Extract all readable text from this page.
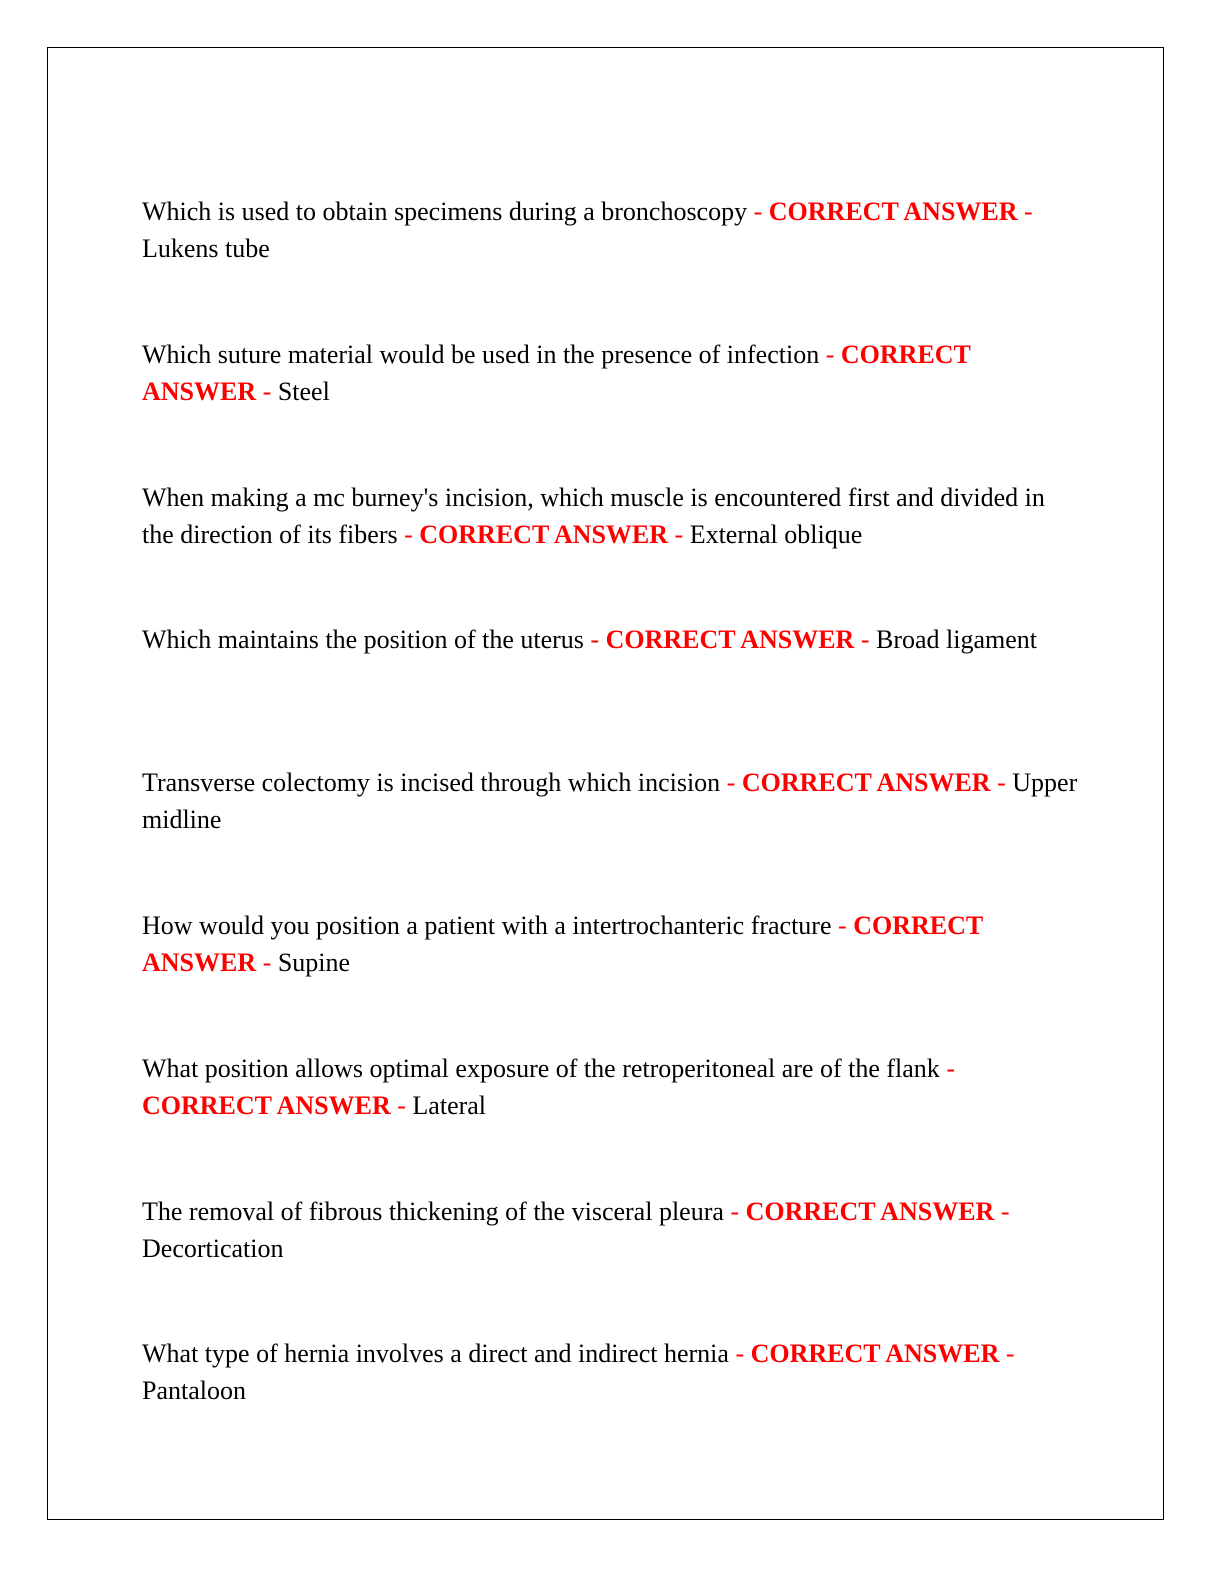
Which is used to obtain specimens during a bronchoscopy - CORRECT ANSWER - Lukens tube

Which suture material would be used in the presence of infection - CORRECT ANSWER - Steel

When making a mc burney's incision, which muscle is encountered first and divided in the direction of its fibers - CORRECT ANSWER - External oblique

Which maintains the position of the uterus - CORRECT ANSWER - Broad ligament

Transverse colectomy is incised through which incision - CORRECT ANSWER - Upper midline

How would you position a patient with a intertrochanteric fracture - CORRECT ANSWER - Supine

What position allows optimal exposure of the retroperitoneal are of the flank - CORRECT ANSWER - Lateral

The removal of fibrous thickening of the visceral pleura - CORRECT ANSWER - Decortication

What type of hernia involves a direct and indirect hernia - CORRECT ANSWER - Pantaloon
